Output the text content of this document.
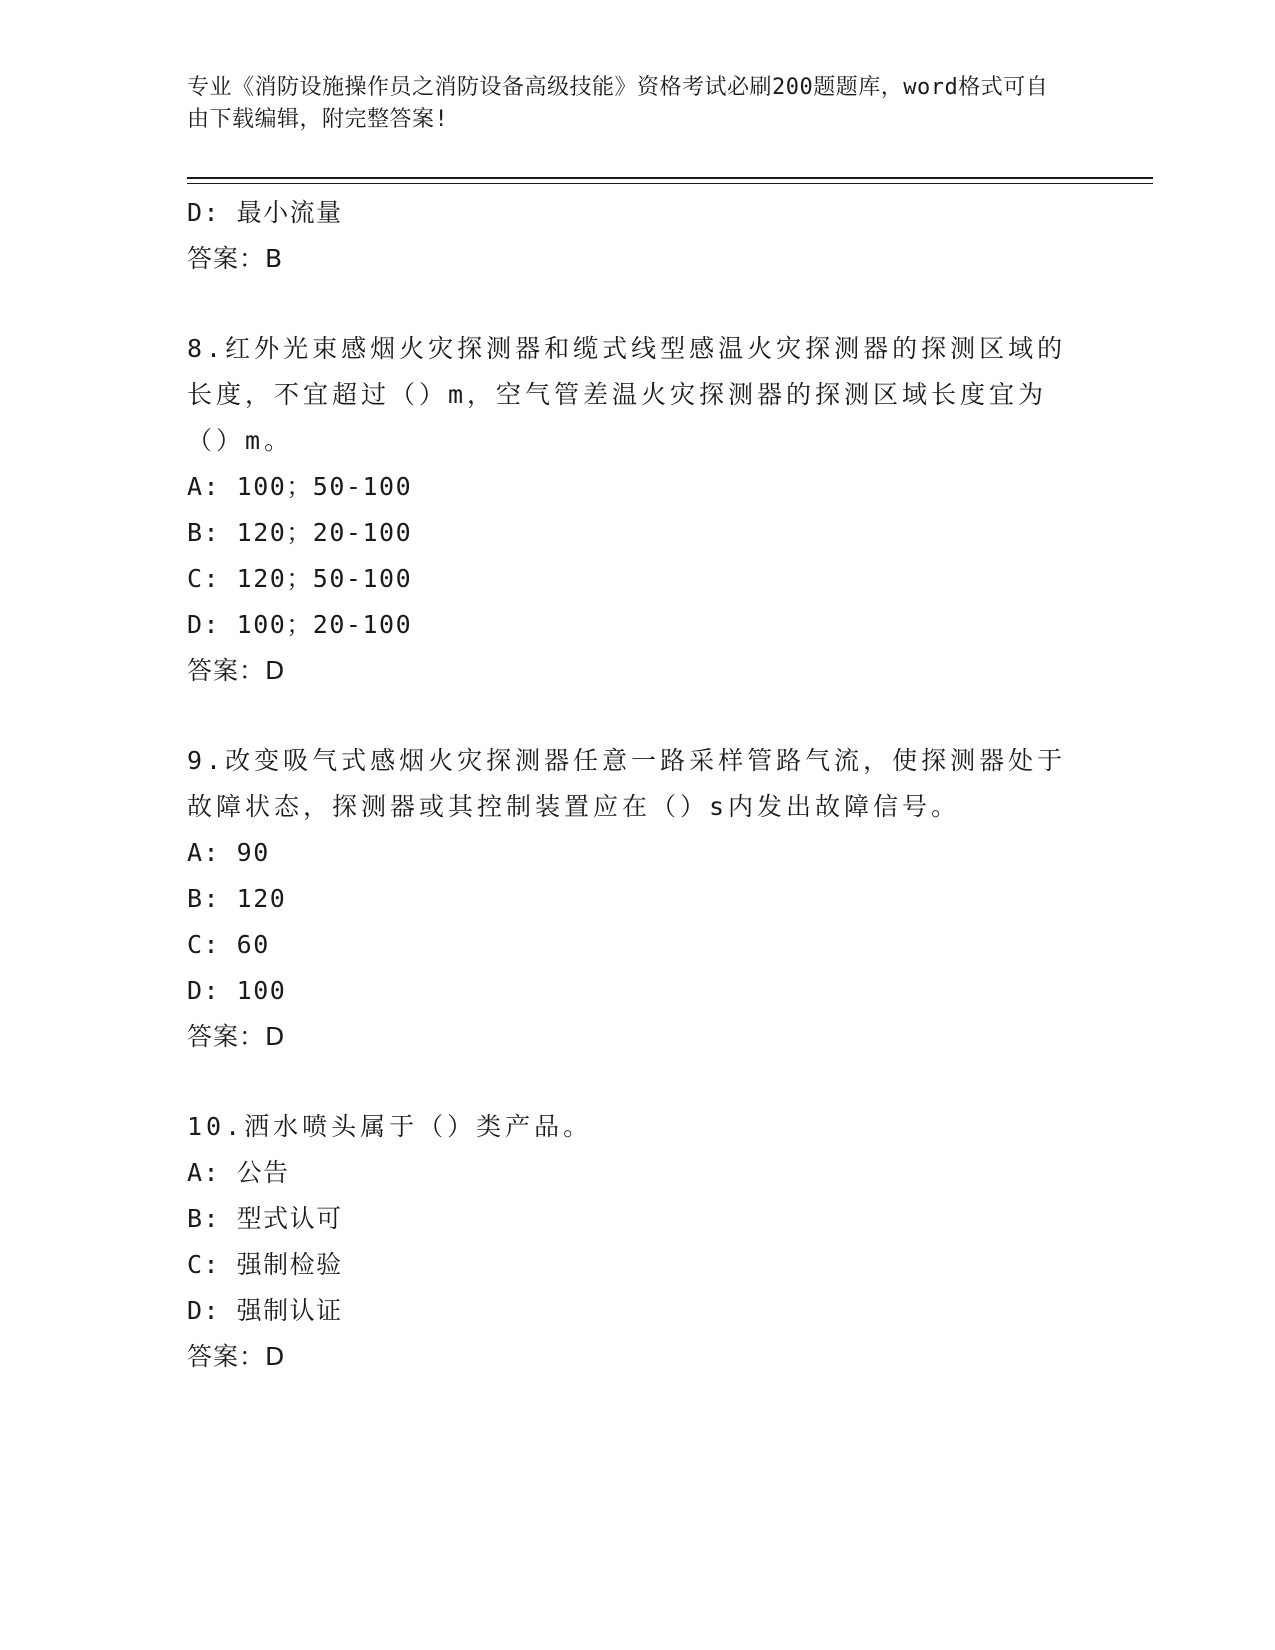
专业《消防设施操作员之消防设备高级技能》资格考试必刷200题题库，word格式可自由下载编辑，附完整答案!
D: 最小流量
答案：B
8.红外光束感烟火灾探测器和缆式线型感温火灾探测器的探测区域的长度，不宜超过（）m，空气管差温火灾探测器的探测区域长度宜为（）m。
A: 100；50-100
B: 120；20-100
C: 120；50-100
D: 100；20-100
答案：D
9.改变吸气式感烟火灾探测器任意一路采样管路气流，使探测器处于故障状态，探测器或其控制装置应在（）s内发出故障信号。
A: 90
B: 120
C: 60
D: 100
答案：D
10.洒水喷头属于（）类产品。
A: 公告
B: 型式认可
C: 强制检验
D: 强制认证
答案：D
